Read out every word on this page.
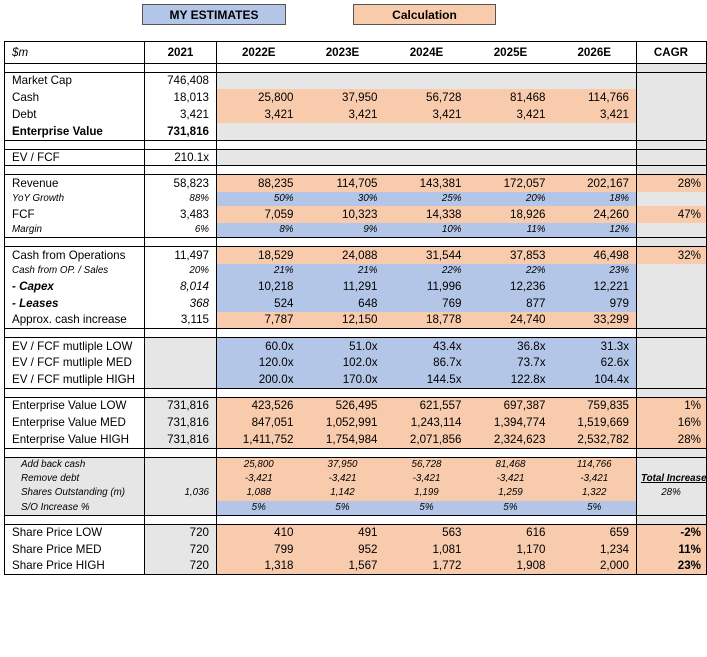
MY ESTIMATES	Calculation
$m	2021	2022E	2023E	2024E	2025E	2026E	CAGR

Market Cap	746,408						
Cash	18,013	25,800	37,950	56,728	81,468	114,766	
Debt	3,421	3,421	3,421	3,421	3,421	3,421	
Enterprise Value	731,816						

EV / FCF	210.1x						

Revenue	58,823	88,235	114,705	143,381	172,057	202,167	28%
YoY Growth	88%	50%	30%	25%	20%	18%	
FCF	3,483	7,059	10,323	14,338	18,926	24,260	47%
Margin	6%	8%	9%	10%	11%	12%	

Cash from Operations	11,497	18,529	24,088	31,544	37,853	46,498	32%
Cash from OP. / Sales	20%	21%	21%	22%	22%	23%	
- Capex	8,014	10,218	11,291	11,996	12,236	12,221	
- Leases	368	524	648	769	877	979	
Approx. cash increase	3,115	7,787	12,150	18,778	24,740	33,299	

EV / FCF mutliple LOW		60.0x	51.0x	43.4x	36.8x	31.3x	
EV / FCF mutliple MED		120.0x	102.0x	86.7x	73.7x	62.6x	
EV / FCF mutliple HIGH		200.0x	170.0x	144.5x	122.8x	104.4x	

Enterprise Value LOW	731,816	423,526	526,495	621,557	697,387	759,835	1%
Enterprise Value MED	731,816	847,051	1,052,991	1,243,114	1,394,774	1,519,669	16%
Enterprise Value HIGH	731,816	1,411,752	1,754,984	2,071,856	2,324,623	2,532,782	28%

Add back cash		25,800	37,950	56,728	81,468	114,766	
Remove debt		-3,421	-3,421	-3,421	-3,421	-3,421	Total Increase
Shares Outstanding (m)	1,036	1,088	1,142	1,199	1,259	1,322	28%
S/O Increase %		5%	5%	5%	5%	5%	

Share Price LOW	720	410	491	563	616	659	-2%
Share Price MED	720	799	952	1,081	1,170	1,234	11%
Share Price HIGH	720	1,318	1,567	1,772	1,908	2,000	23%
